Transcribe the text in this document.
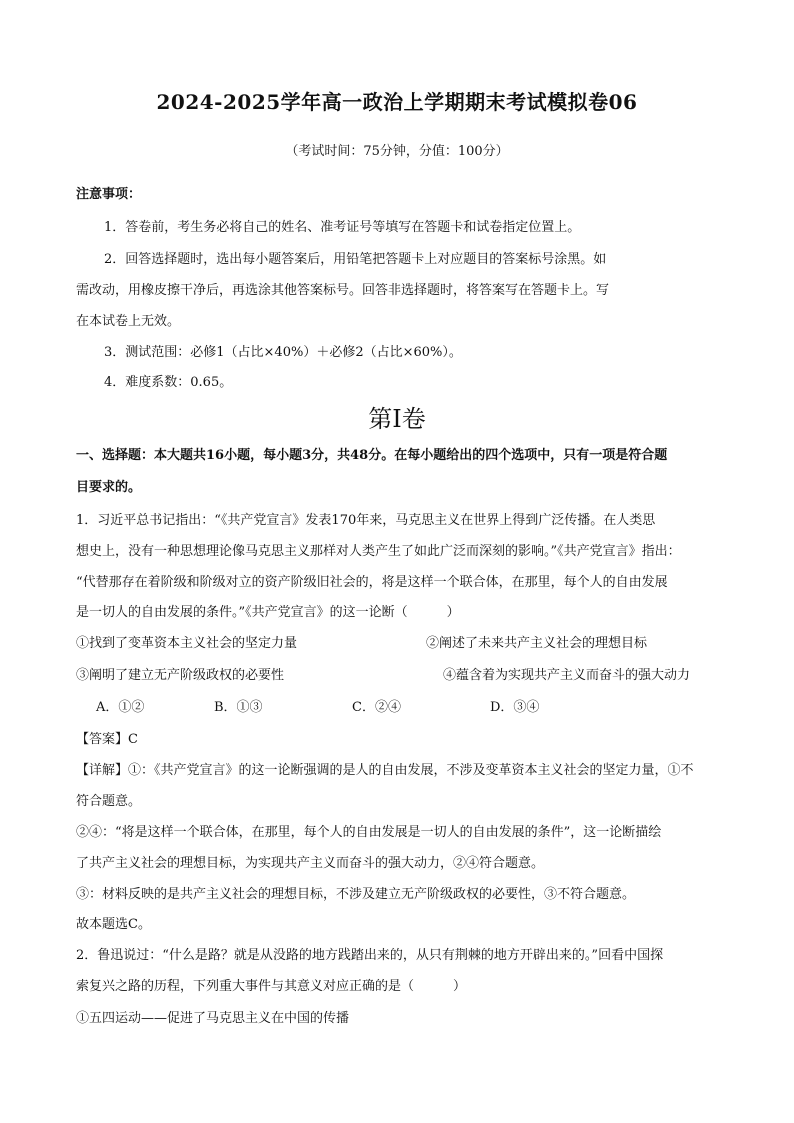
2024-2025学年高一政治上学期期末考试模拟卷06
（考试时间：75分钟，分值：100分）
注意事项：
1．答卷前，考生务必将自己的姓名、准考证号等填写在答题卡和试卷指定位置上。
2．回答选择题时，选出每小题答案后，用铅笔把答题卡上对应题目的答案标号涂黑。如
需改动，用橡皮擦干净后，再选涂其他答案标号。回答非选择题时，将答案写在答题卡上。写
在本试卷上无效。
3．测试范围：必修1（占比×40%）＋必修2（占比×60%）。
4．难度系数：0.65。
第Ⅰ卷
一、选择题：本大题共16小题，每小题3分，共48分。在每小题给出的四个选项中，只有一项是符合题
目要求的。
1．习近平总书记指出：“《共产党宣言》发表170年来，马克思主义在世界上得到广泛传播。在人类思
想史上，没有一种思想理论像马克思主义那样对人类产生了如此广泛而深刻的影响。”《共产党宣言》指出：
“代替那存在着阶级和阶级对立的资产阶级旧社会的，将是这样一个联合体，在那里，每个人的自由发展
是一切人的自由发展的条件。”《共产党宣言》的这一论断（　　　）
①找到了变革资本主义社会的坚定力量	②阐述了未来共产主义社会的理想目标
③阐明了建立无产阶级政权的必要性	④蕴含着为实现共产主义而奋斗的强大动力
A．①②	B．①③	C．②④	D．③④
【答案】C
【详解】①：《共产党宣言》的这一论断强调的是人的自由发展，不涉及变革资本主义社会的坚定力量，①不
符合题意。
②④：“将是这样一个联合体，在那里，每个人的自由发展是一切人的自由发展的条件”，这一论断描绘
了共产主义社会的理想目标，为实现共产主义而奋斗的强大动力，②④符合题意。
③：材料反映的是共产主义社会的理想目标，不涉及建立无产阶级政权的必要性，③不符合题意。
故本题选C。
2．鲁迅说过：“什么是路？就是从没路的地方践踏出来的，从只有荆棘的地方开辟出来的。”回看中国探
索复兴之路的历程，下列重大事件与其意义对应正确的是（　　　）
①五四运动——促进了马克思主义在中国的传播
